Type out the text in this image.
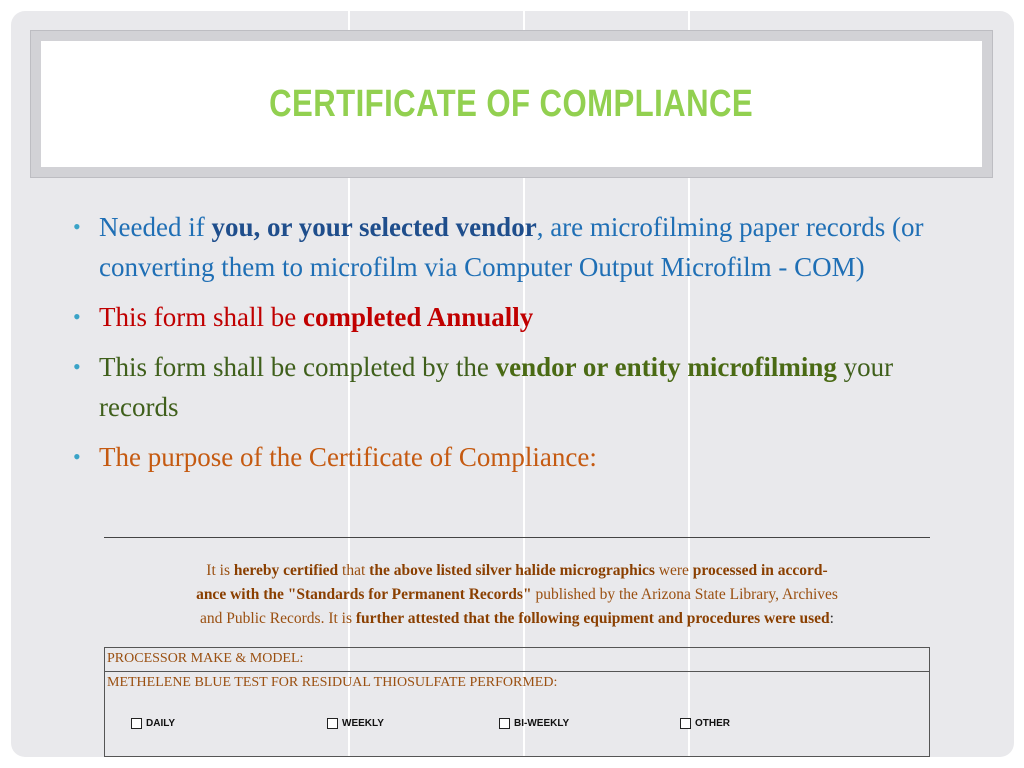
CERTIFICATE OF COMPLIANCE
• Needed if you, or your selected vendor, are microfilming paper records (or converting them to microfilm via Computer Output Microfilm - COM)
• This form shall be completed Annually
• This form shall be completed by the vendor or entity microfilming your records
• The purpose of the Certificate of Compliance:
It is hereby certified that the above listed silver halide micrographics were processed in accord-
ance with the "Standards for Permanent Records" published by the Arizona State Library, Archives
and Public Records. It is further attested that the following equipment and procedures were used:
PROCESSOR MAKE & MODEL:
METHELENE BLUE TEST FOR RESIDUAL THIOSULFATE PERFORMED:
DAILY	WEEKLY	BI-WEEKLY	OTHER
